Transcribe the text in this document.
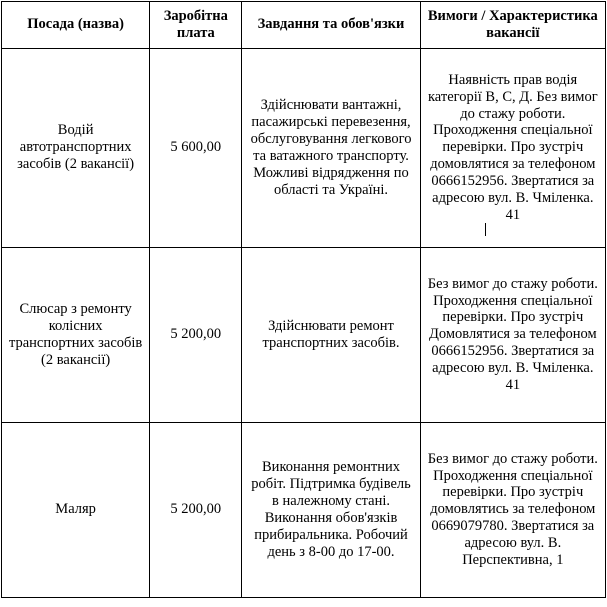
Посада (назва)	Заробітна плата	Завдання та обов'язки	Вимоги / Характеристика вакансії
Водій автотранспортних засобів (2 вакансії)	5 600,00	Здійснювати вантажні, пасажирські перевезення, обслуговування легкового та ватажного транспорту. Можливі відрядження по області та Україні.	Наявність прав водія категорії В, С, Д. Без вимог до стажу роботи. Проходження спеціальної перевірки. Про зустріч домовлятися за телефоном 0666152956. Звертатися за адресою вул. В. Чміленка. 41
Слюсар з ремонту колісних транспортних засобів (2 вакансії)	5 200,00	Здійснювати ремонт транспортних засобів.	Без вимог до стажу роботи. Проходження спеціальної перевірки. Про зустріч Домовлятися за телефоном 0666152956. Звертатися за адресою вул. В. Чміленка. 41
Маляр	5 200,00	Виконання ремонтних робіт. Підтримка будівель в належному стані. Виконання обов'язків прибиральника. Робочий день з 8-00 до 17-00.	Без вимог до стажу роботи. Проходження спеціальної перевірки. Про зустріч домовлятись за телефоном 0669079780. Звертатися за адресою вул. В. Перспективна, 1
